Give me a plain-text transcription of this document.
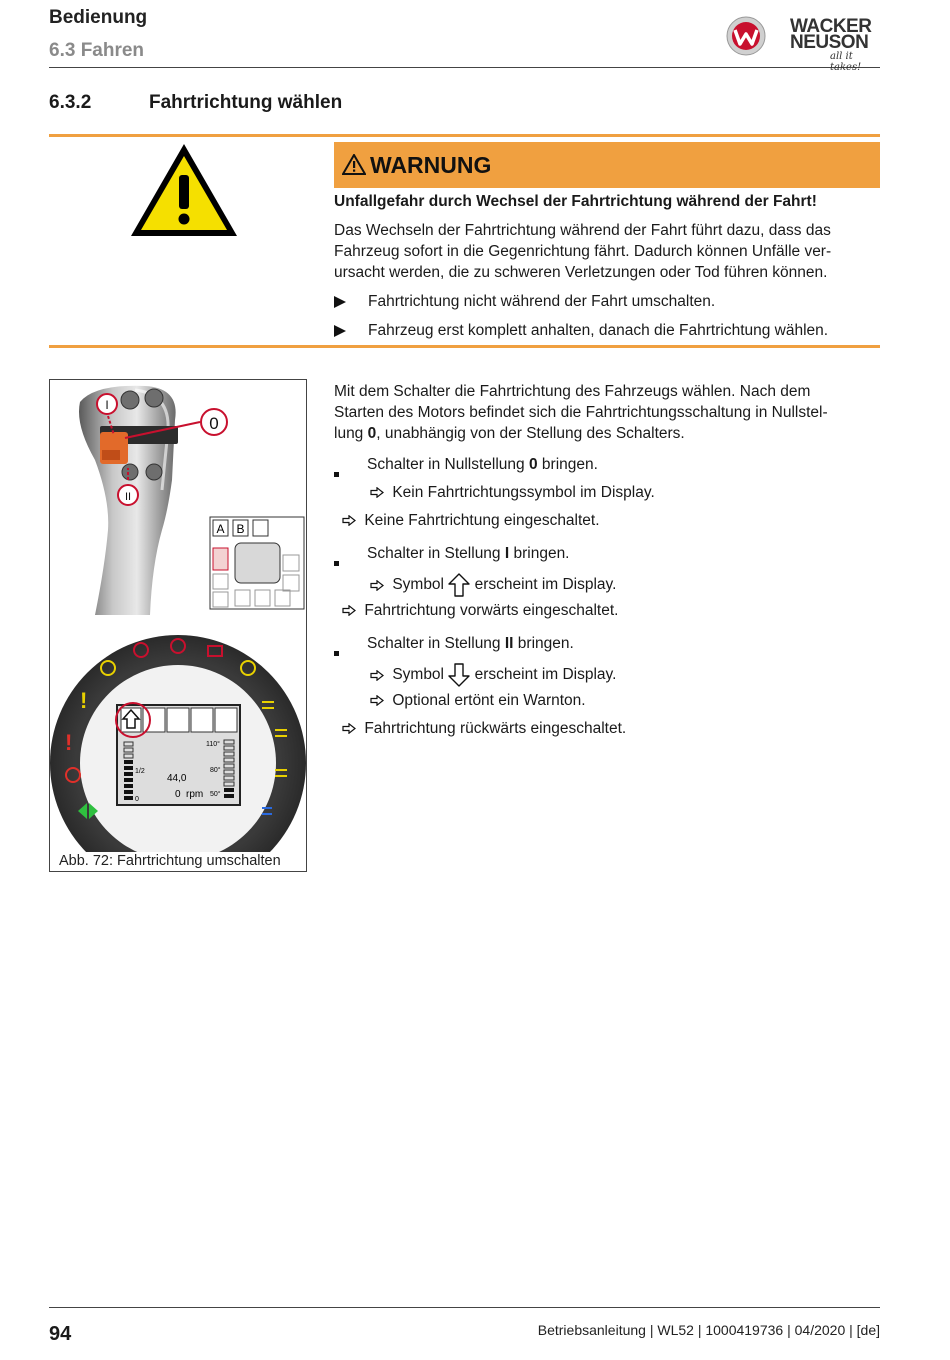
Bedienung
6.3 Fahren
WACKER
NEUSON
all it takes!
6.3.2	Fahrtrichtung wählen
WARNUNG
Unfallgefahr durch Wechsel der Fahrtrichtung während der Fahrt!
Das Wechseln der Fahrtrichtung während der Fahrt führt dazu, dass das
Fahrzeug sofort in die Gegenrichtung fährt. Dadurch können Unfälle ver-
ursacht werden, die zu schweren Verletzungen oder Tod führen können.
Fahrtrichtung nicht während der Fahrt umschalten.
Fahrzeug erst komplett anhalten, danach die Fahrtrichtung wählen.
I
II
0
A B
!
!
1/2
0
110°
80°
50°
44,0
0 rpm
Abb. 72: Fahrtrichtung umschalten
Mit dem Schalter die Fahrtrichtung des Fahrzeugs wählen. Nach dem
Starten des Motors befindet sich die Fahrtrichtungsschaltung in Nullstel-
lung 0, unabhängig von der Stellung des Schalters.
Schalter in Nullstellung 0 bringen.
Kein Fahrtrichtungssymbol im Display.
Keine Fahrtrichtung eingeschaltet.
Schalter in Stellung I bringen.
Symbol erscheint im Display.
Fahrtrichtung vorwärts eingeschaltet.
Schalter in Stellung II bringen.
Symbol erscheint im Display.
Optional ertönt ein Warnton.
Fahrtrichtung rückwärts eingeschaltet.
94	Betriebsanleitung | WL52 | 1000419736 | 04/2020 | [de]
